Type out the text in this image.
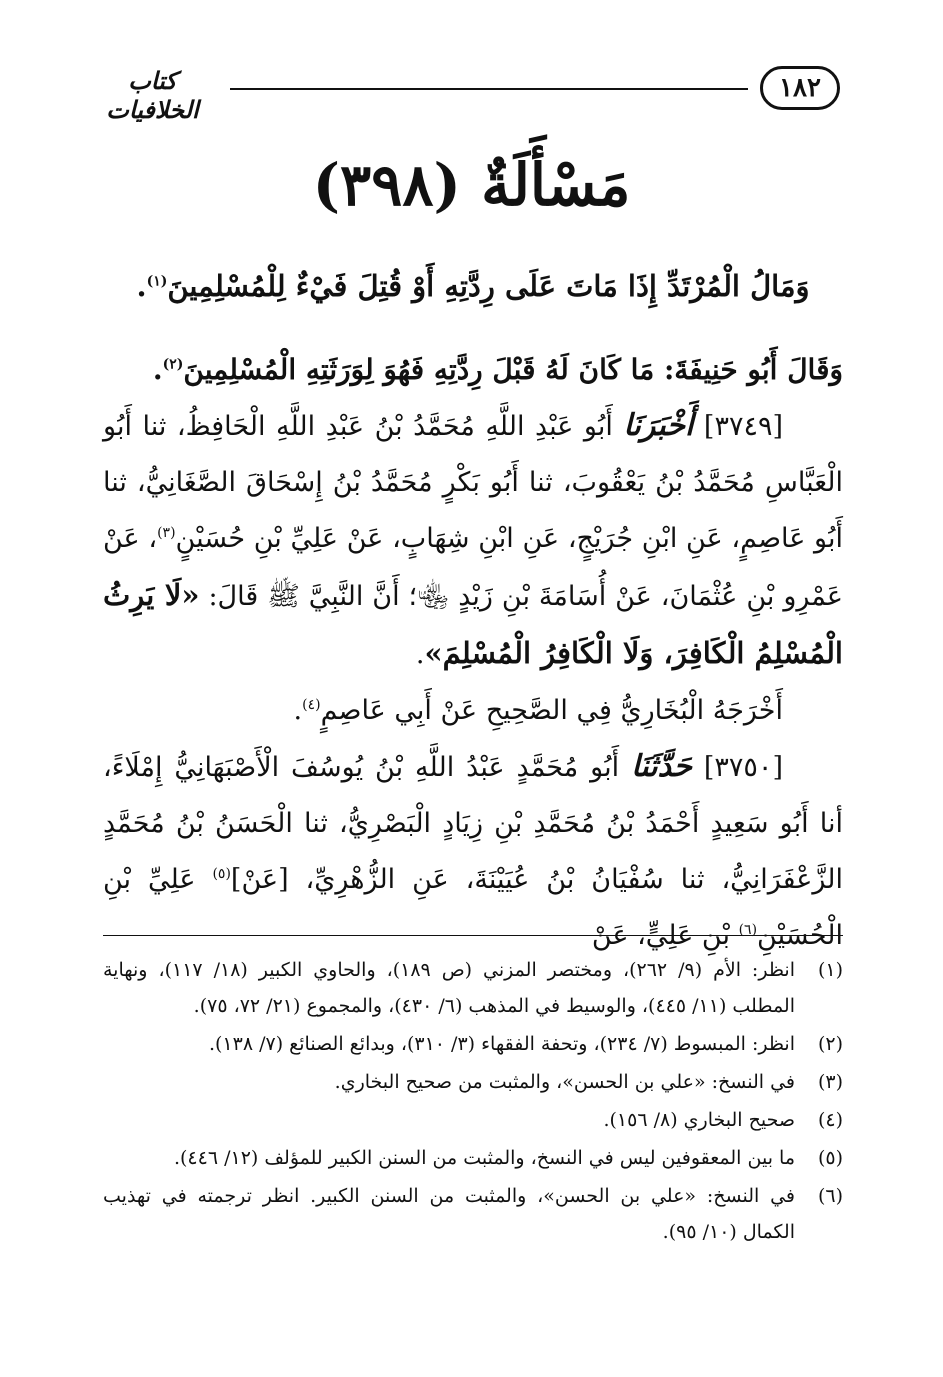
١٨٢
كتاب الخلافيات
مَسْأَلَةٌ (٣٩٨)

وَمَالُ الْمُرْتَدِّ إِذَا مَاتَ عَلَى رِدَّتِهِ أَوْ قُتِلَ فَيْءٌ لِلْمُسْلِمِينَ$^{(١)}$.

وَقَالَ أَبُو حَنِيفَةَ: مَا كَانَ لَهُ قَبْلَ رِدَّتِهِ فَهُوَ لِوَرَثَتِهِ الْمُسْلِمِينَ$^{(٢)}$.

[٣٧٤٩] أَخْبَرَنَا أَبُو عَبْدِ اللَّهِ مُحَمَّدُ بْنُ عَبْدِ اللَّهِ الْحَافِظُ، ثنا أَبُو الْعَبَّاسِ مُحَمَّدُ بْنُ يَعْقُوبَ، ثنا أَبُو بَكْرٍ مُحَمَّدُ بْنُ إِسْحَاقَ الصَّغَانِيُّ، ثنا أَبُو عَاصِمٍ، عَنِ ابْنِ جُرَيْجٍ، عَنِ ابْنِ شِهَابٍ، عَنْ عَلِيِّ بْنِ حُسَيْنٍ$^{(٣)}$، عَنْ عَمْرِو بْنِ عُثْمَانَ، عَنْ أُسَامَةَ بْنِ زَيْدٍ ﵄؛ أَنَّ النَّبِيَّ ﷺ قَالَ: «لَا يَرِثُ الْمُسْلِمُ الْكَافِرَ، وَلَا الْكَافِرُ الْمُسْلِمَ».

أَخْرَجَهُ الْبُخَارِيُّ فِي الصَّحِيحِ عَنْ أَبِي عَاصِمٍ$^{(٤)}$.

[٣٧٥٠] حَدَّثَنَا أَبُو مُحَمَّدٍ عَبْدُ اللَّهِ بْنُ يُوسُفَ الْأَصْبَهَانِيُّ إِمْلَاءً، أنا أَبُو سَعِيدٍ أَحْمَدُ بْنُ مُحَمَّدِ بْنِ زِيَادٍ الْبَصْرِيُّ، ثنا الْحَسَنُ بْنُ مُحَمَّدٍ الزَّعْفَرَانِيُّ، ثنا سُفْيَانُ بْنُ عُيَيْنَةَ، عَنِ الزُّهْرِيِّ، [عَنْ]$^{(٥)}$ عَلِيِّ بْنِ الْحُسَيْنِ$^{(٦)}$ بْنِ عَلِيٍّ، عَنْ

(١)
انظر: الأم (٩/ ٢٦٢)، ومختصر المزني (ص ١٨٩)، والحاوي الكبير (١٨/ ١١٧)، ونهاية المطلب (١١/ ٤٤٥)، والوسيط في المذهب (٦/ ٤٣٠)، والمجموع (٢١/ ٧٢، ٧٥).
(٢)
انظر: المبسوط (٧/ ٢٣٤)، وتحفة الفقهاء (٣/ ٣١٠)، وبدائع الصنائع (٧/ ١٣٨).
(٣)
في النسخ: «علي بن الحسن»، والمثبت من صحيح البخاري.
(٤)
صحيح البخاري (٨/ ١٥٦).
(٥)
ما بين المعقوفين ليس في النسخ، والمثبت من السنن الكبير للمؤلف (١٢/ ٤٤٦).
(٦)
في النسخ: «علي بن الحسن»، والمثبت من السنن الكبير. انظر ترجمته في تهذيب الكمال (١٠/ ٩٥).
